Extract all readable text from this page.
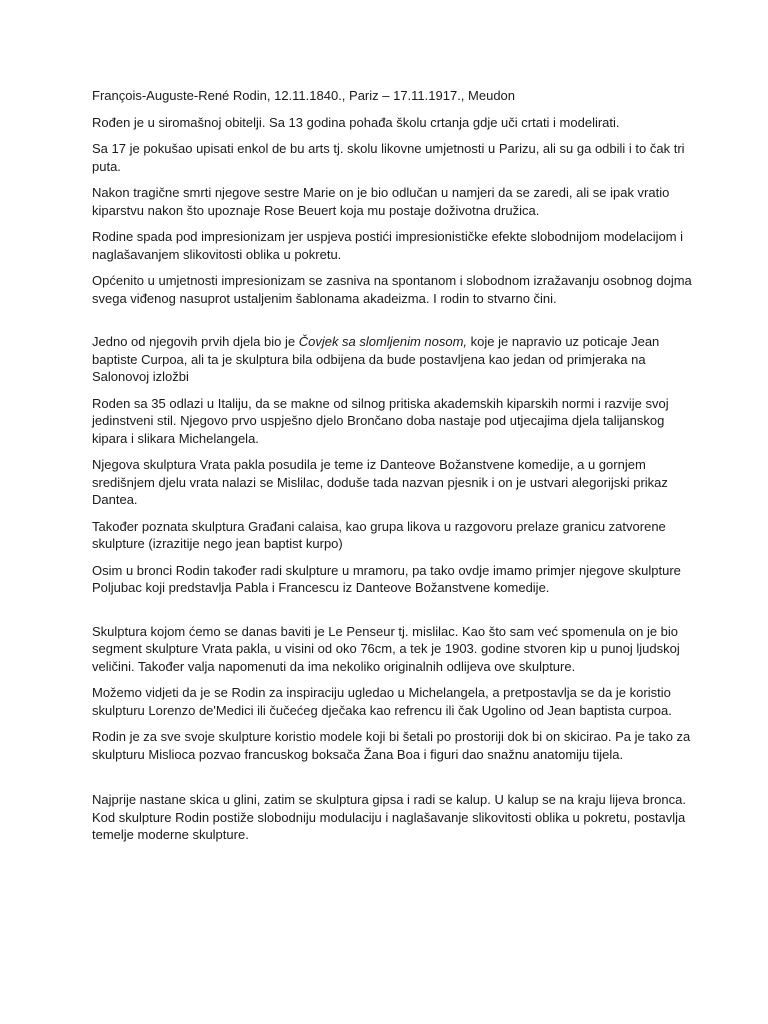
François-Auguste-René Rodin, 12.11.1840., Pariz – 17.11.1917., Meudon

Rođen je u siromašnoj obitelji. Sa 13 godina pohađa školu crtanja gdje uči crtati i modelirati.

Sa 17 je pokušao upisati enkol de bu arts tj. skolu likovne umjetnosti u Parizu, ali su ga odbili i to čak tri puta.

Nakon tragične smrti njegove sestre Marie on je bio odlučan u namjeri da se zaredi, ali se ipak vratio kiparstvu nakon što upoznaje Rose Beuert koja mu postaje doživotna družica.

Rodine spada pod impresionizam jer uspjeva postići impresionističke efekte slobodnijom modelacijom i naglašavanjem slikovitosti oblika u pokretu.

Općenito u umjetnosti impresionizam se zasniva na spontanom i slobodnom izražavanju osobnog dojma svega viđenog nasuprot ustaljenim šablonama akadeizma. I rodin to stvarno čini.

Jedno od njegovih prvih djela bio je Čovjek sa slomljenim nosom, koje je napravio uz poticaje Jean baptiste Curpoa, ali ta je skulptura bila odbijena da bude postavljena kao jedan od primjeraka na Salonovoj izložbi

Roden sa 35 odlazi u Italiju, da se makne od silnog pritiska akademskih kiparskih normi i razvije svoj jedinstveni stil. Njegovo prvo uspješno djelo Brončano doba nastaje pod utjecajima djela talijanskog kipara i slikara Michelangela.

Njegova skulptura Vrata pakla posudila je teme iz Danteove Božanstvene komedije, a u gornjem središnjem djelu vrata nalazi se Mislilac, doduše tada nazvan pjesnik i on je ustvari alegorijski prikaz Dantea.

Također poznata skulptura Građani calaisa, kao grupa likova u razgovoru prelaze granicu zatvorene skulpture (izrazitije nego jean baptist kurpo)

Osim u bronci Rodin također radi skulpture u mramoru, pa tako ovdje imamo primjer njegove skulpture Poljubac koji predstavlja Pabla i Francescu iz Danteove Božanstvene komedije.

Skulptura kojom ćemo se danas baviti je Le Penseur tj. mislilac. Kao što sam već spomenula on je bio segment skulpture Vrata pakla, u visini od oko 76cm, a tek je 1903. godine stvoren kip u punoj ljudskoj veličini. Također valja napomenuti da ima nekoliko originalnih odlijeva ove skulpture.

Možemo vidjeti da je se Rodin za inspiraciju ugledao u Michelangela, a pretpostavlja se da je koristio skulpturu Lorenzo de'Medici ili čučećeg dječaka kao refrencu ili čak Ugolino od Jean baptista curpoa.

Rodin je za sve svoje skulpture koristio modele koji bi šetali po prostoriji dok bi on skicirao. Pa je tako za skulpturu Mislioca pozvao francuskog boksača Žana Boa i figuri dao snažnu anatomiju tijela.

Najprije nastane skica u glini, zatim se skulptura gipsa i radi se kalup. U kalup se na kraju lijeva bronca. Kod skulpture Rodin postiže slobodniju modulaciju i naglašavanje slikovitosti oblika u pokretu, postavlja temelje moderne skulpture.
